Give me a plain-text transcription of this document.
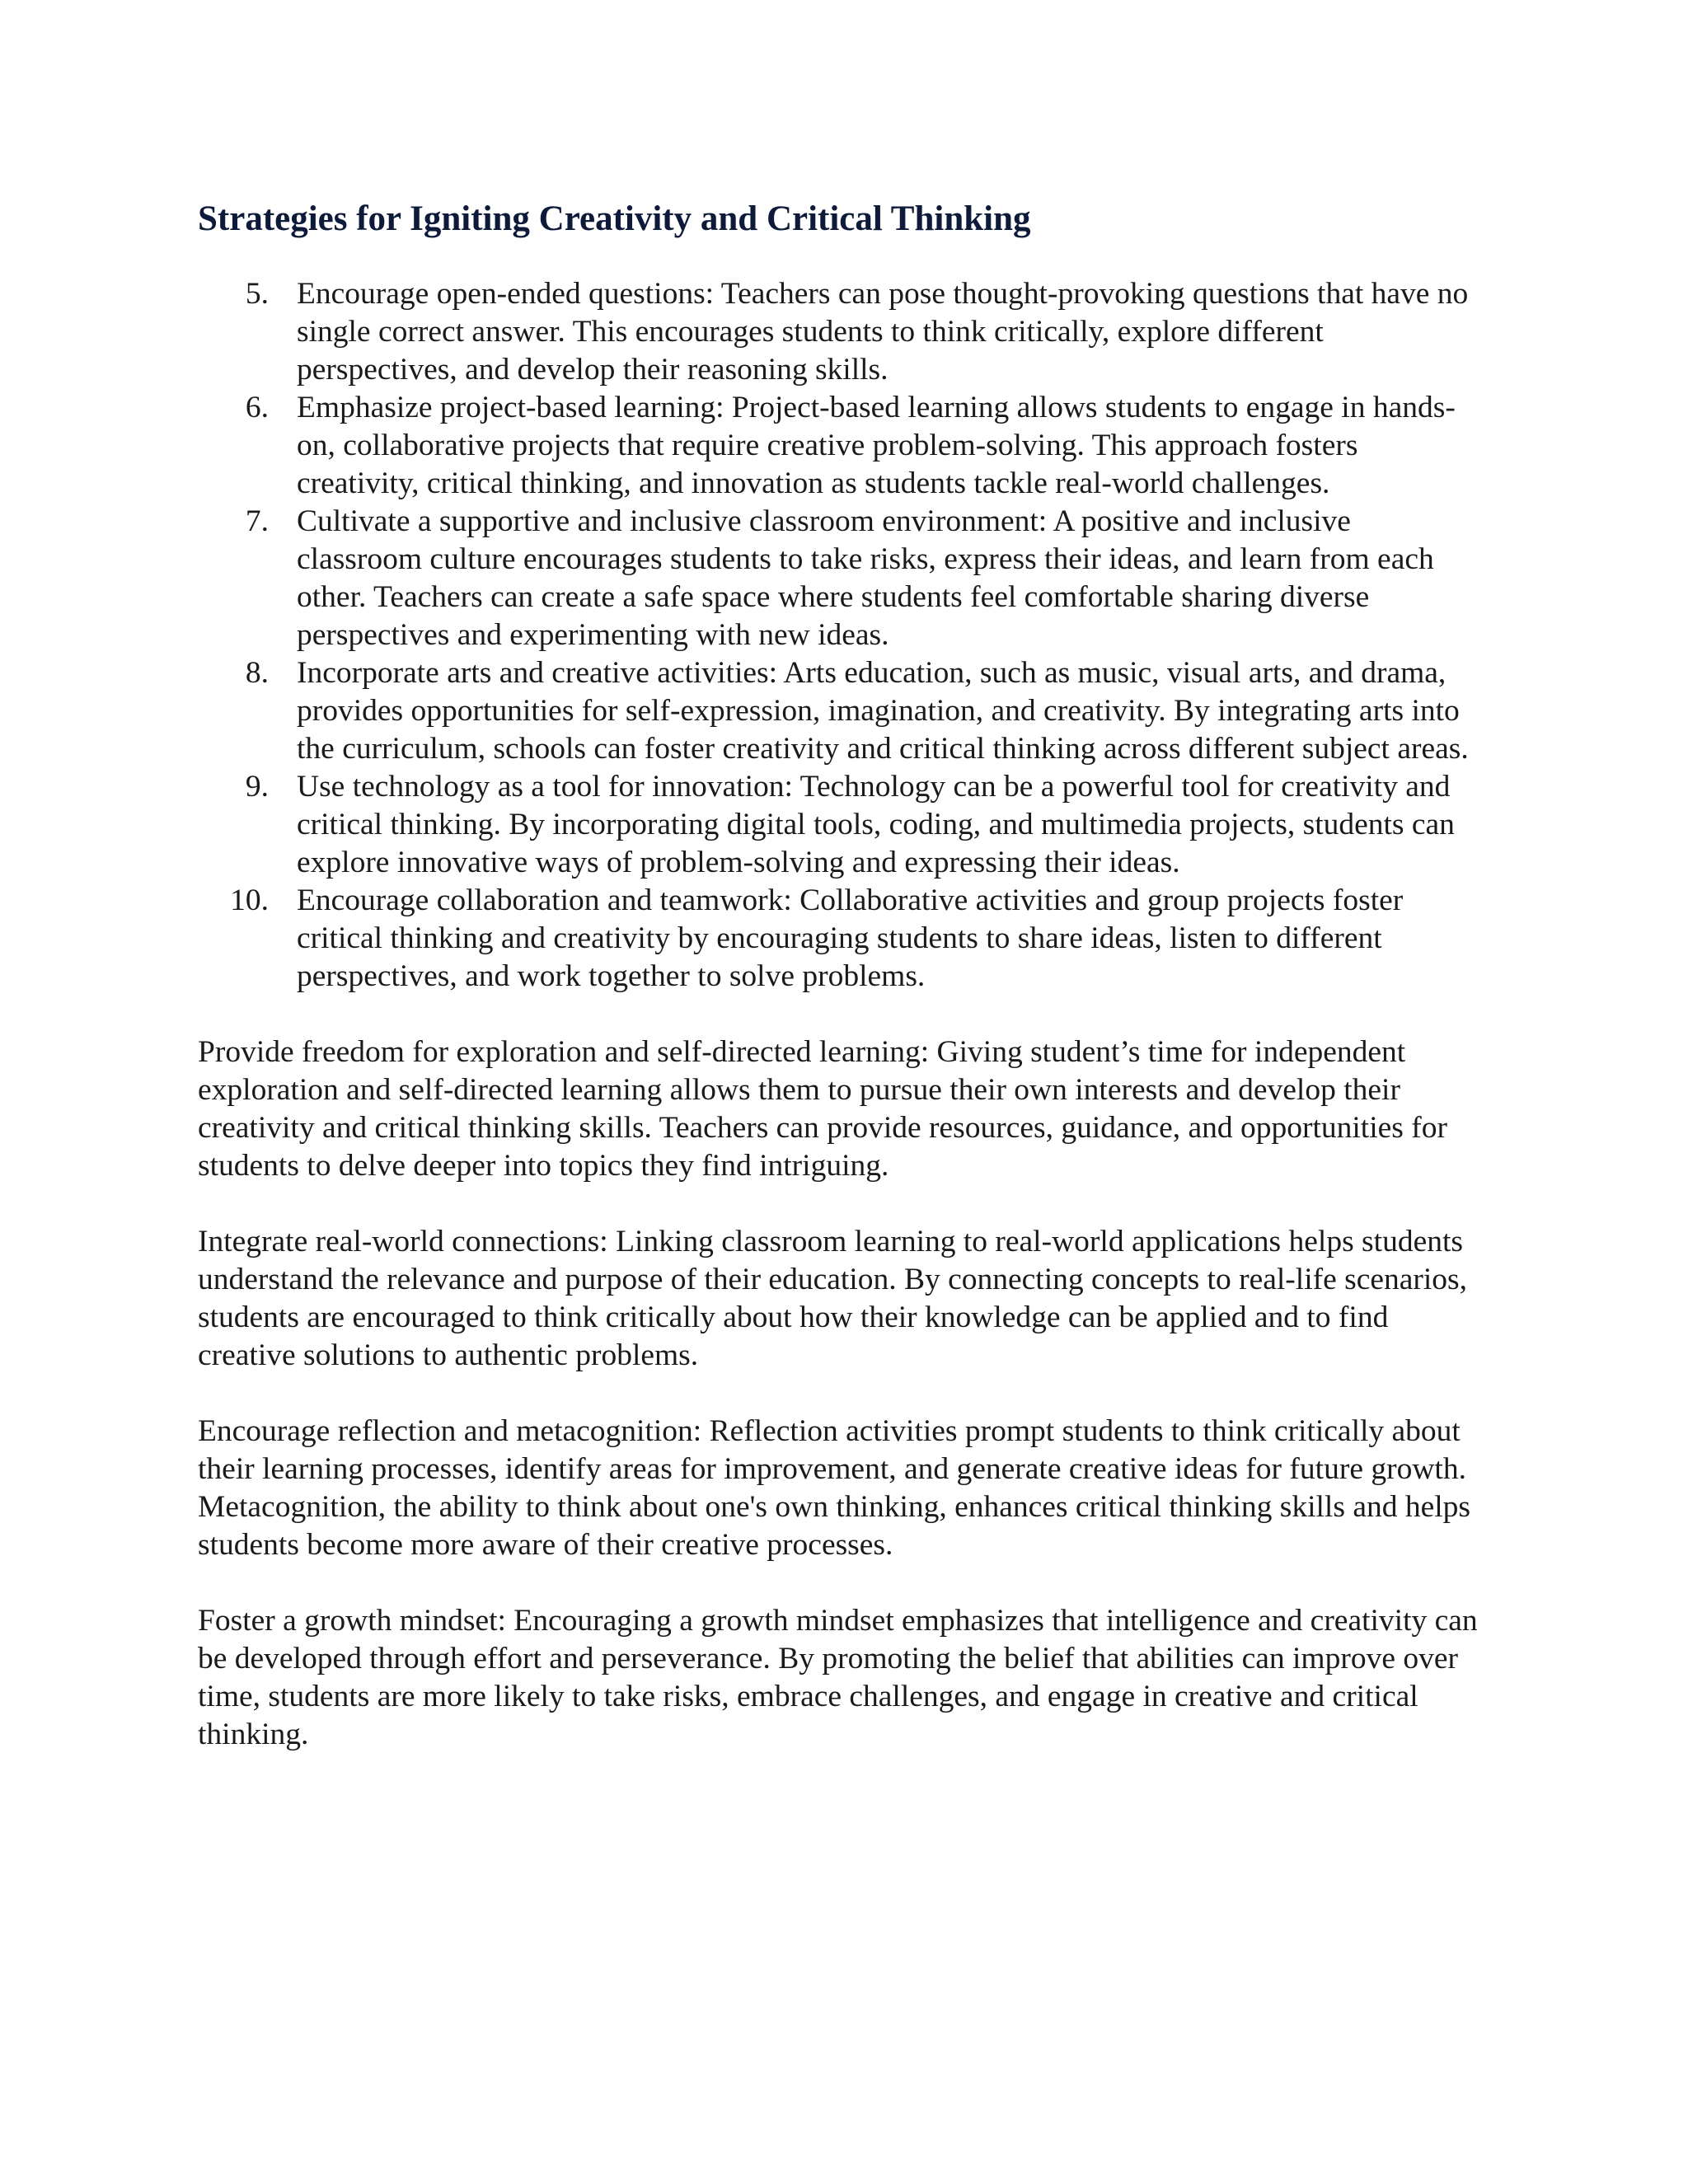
Strategies for Igniting Creativity and Critical Thinking
5. Encourage open-ended questions: Teachers can pose thought-provoking questions that have no single correct answer. This encourages students to think critically, explore different perspectives, and develop their reasoning skills.
6. Emphasize project-based learning: Project-based learning allows students to engage in hands-on, collaborative projects that require creative problem-solving. This approach fosters creativity, critical thinking, and innovation as students tackle real-world challenges.
7. Cultivate a supportive and inclusive classroom environment: A positive and inclusive classroom culture encourages students to take risks, express their ideas, and learn from each other. Teachers can create a safe space where students feel comfortable sharing diverse perspectives and experimenting with new ideas.
8. Incorporate arts and creative activities: Arts education, such as music, visual arts, and drama, provides opportunities for self-expression, imagination, and creativity. By integrating arts into the curriculum, schools can foster creativity and critical thinking across different subject areas.
9. Use technology as a tool for innovation: Technology can be a powerful tool for creativity and critical thinking. By incorporating digital tools, coding, and multimedia projects, students can explore innovative ways of problem-solving and expressing their ideas.
10. Encourage collaboration and teamwork: Collaborative activities and group projects foster critical thinking and creativity by encouraging students to share ideas, listen to different perspectives, and work together to solve problems.

Provide freedom for exploration and self-directed learning: Giving student’s time for independent exploration and self-directed learning allows them to pursue their own interests and develop their creativity and critical thinking skills. Teachers can provide resources, guidance, and opportunities for students to delve deeper into topics they find intriguing.

Integrate real-world connections: Linking classroom learning to real-world applications helps students understand the relevance and purpose of their education. By connecting concepts to real-life scenarios, students are encouraged to think critically about how their knowledge can be applied and to find creative solutions to authentic problems.

Encourage reflection and metacognition: Reflection activities prompt students to think critically about their learning processes, identify areas for improvement, and generate creative ideas for future growth. Metacognition, the ability to think about one's own thinking, enhances critical thinking skills and helps students become more aware of their creative processes.

Foster a growth mindset: Encouraging a growth mindset emphasizes that intelligence and creativity can be developed through effort and perseverance. By promoting the belief that abilities can improve over time, students are more likely to take risks, embrace challenges, and engage in creative and critical thinking.
